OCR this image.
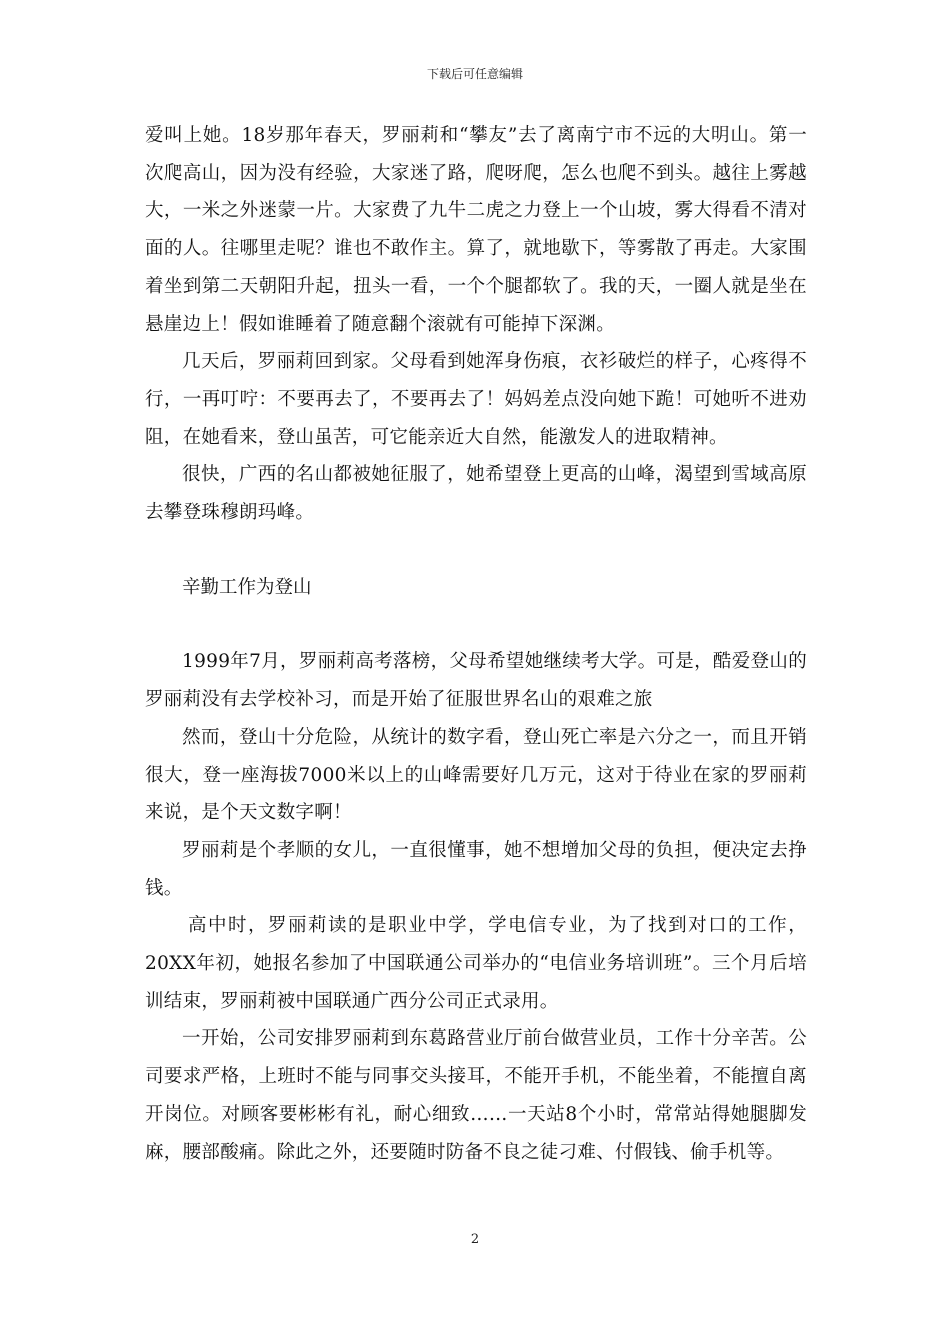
下载后可任意编辑

爱叫上她。18岁那年春天，罗丽莉和“攀友”去了离南宁市不远的大明山。第一次爬高山，因为没有经验，大家迷了路，爬呀爬，怎么也爬不到头。越往上雾越大，一米之外迷蒙一片。大家费了九牛二虎之力登上一个山坡，雾大得看不清对面的人。往哪里走呢？谁也不敢作主。算了，就地歇下，等雾散了再走。大家围着坐到第二天朝阳升起，扭头一看，一个个腿都软了。我的天，一圈人就是坐在悬崖边上！假如谁睡着了随意翻个滚就有可能掉下深渊。

几天后，罗丽莉回到家。父母看到她浑身伤痕，衣衫破烂的样子，心疼得不行，一再叮咛：不要再去了，不要再去了！妈妈差点没向她下跪！可她听不进劝阻，在她看来，登山虽苦，可它能亲近大自然，能激发人的进取精神。

很快，广西的名山都被她征服了，她希望登上更高的山峰，渴望到雪域高原去攀登珠穆朗玛峰。

辛勤工作为登山

1999年7月，罗丽莉高考落榜，父母希望她继续考大学。可是，酷爱登山的罗丽莉没有去学校补习，而是开始了征服世界名山的艰难之旅

然而，登山十分危险，从统计的数字看，登山死亡率是六分之一，而且开销很大，登一座海拔7000米以上的山峰需要好几万元，这对于待业在家的罗丽莉来说，是个天文数字啊！

罗丽莉是个孝顺的女儿，一直很懂事，她不想增加父母的负担，便决定去挣钱。

高中时，罗丽莉读的是职业中学，学电信专业，为了找到对口的工作，20XX年初，她报名参加了中国联通公司举办的“电信业务培训班”。三个月后培训结束，罗丽莉被中国联通广西分公司正式录用。

一开始，公司安排罗丽莉到东葛路营业厅前台做营业员，工作十分辛苦。公司要求严格，上班时不能与同事交头接耳，不能开手机，不能坐着，不能擅自离开岗位。对顾客要彬彬有礼，耐心细致……一天站8个小时，常常站得她腿脚发麻，腰部酸痛。除此之外，还要随时防备不良之徒刁难、付假钱、偷手机等。

2
